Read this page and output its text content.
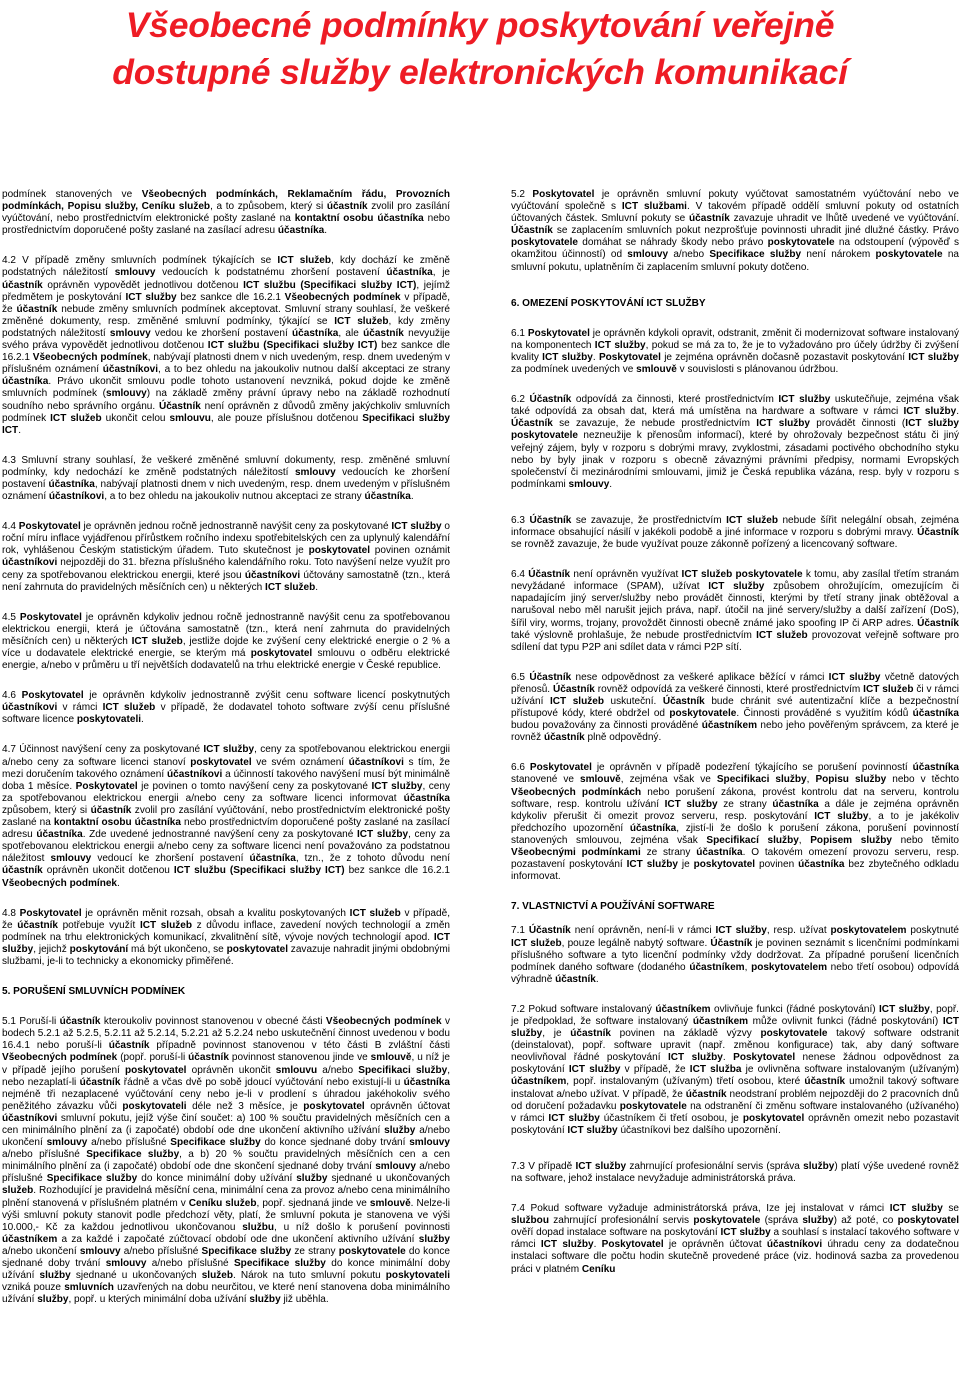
Všeobecné podmínky poskytování veřejně
dostupné služby elektronických komunikací

podmínek stanovených ve Všeobecných podmínkách, Reklamačním řádu, Provozních podmínkách, Popisu služby, Ceníku služeb, a to způsobem, který si účastník zvolil pro zasílání vyúčtování, nebo prostřednictvím elektronické pošty zaslané na kontaktní osobu účastníka nebo prostřednictvím doporučené pošty zaslané na zasílací adresu účastníka.

4.2 V případě změny smluvních podmínek týkajících se ICT služeb, kdy dochází ke změně podstatných náležitostí smlouvy vedoucích k podstatnému zhoršení postavení účastníka, je účastník oprávněn vypovědět jednotlivou dotčenou ICT službu (Specifikaci služby ICT), jejímž předmětem je poskytování ICT služby bez sankce dle 16.2.1 Všeobecných podmínek v případě, že účastník nebude změny smluvních podmínek akceptovat. Smluvní strany souhlasí, že veškeré změněné dokumenty, resp. změněné smluvní podmínky, týkající se ICT služeb, kdy změny podstatných náležitostí smlouvy vedou ke zhoršení postavení účastníka, ale účastník nevyužije svého práva vypovědět jednotlivou dotčenou ICT službu (Specifikaci služby ICT) bez sankce dle 16.2.1 Všeobecných podmínek, nabývají platnosti dnem v nich uvedeným, resp. dnem uvedeným v příslušném oznámení účastníkovi, a to bez ohledu na jakoukoliv nutnou další akceptaci ze strany účastníka. Právo ukončit smlouvu podle tohoto ustanovení nevzniká, pokud dojde ke změně smluvních podmínek (smlouvy) na základě změny právní úpravy nebo na základě rozhodnutí soudního nebo správního orgánu. Účastník není oprávněn z důvodů změny jakýchkoliv smluvních podmínek ICT služeb ukončit celou smlouvu, ale pouze příslušnou dotčenou Specifikaci služby ICT.

4.3 Smluvní strany souhlasí, že veškeré změněné smluvní dokumenty, resp. změněné smluvní podmínky, kdy nedochází ke změně podstatných náležitostí smlouvy vedoucích ke zhoršení postavení účastníka, nabývají platnosti dnem v nich uvedeným, resp. dnem uvedeným v příslušném oznámení účastníkovi, a to bez ohledu na jakoukoliv nutnou akceptaci ze strany účastníka.

4.4 Poskytovatel je oprávněn jednou ročně jednostranně navýšit ceny za poskytované ICT služby o roční míru inflace vyjádřenou přírůstkem ročního indexu spotřebitelských cen za uplynulý kalendářní rok, vyhlášenou Českým statistickým úřadem. Tuto skutečnost je poskytovatel povinen oznámit účastníkovi nejpozději do 31. března příslušného kalendářního roku. Toto navýšení nelze využít pro ceny za spotřebovanou elektrickou energii, které jsou účastníkovi účtovány samostatně (tzn., která není zahrnuta do pravidelných měsíčních cen) u některých ICT služeb.

4.5 Poskytovatel je oprávněn kdykoliv jednou ročně jednostranně navýšit cenu za spotřebovanou elektrickou energii, která je účtována samostatně (tzn., která není zahrnuta do pravidelných měsíčních cen) u některých ICT služeb, jestliže dojde ke zvýšení ceny elektrické energie o 2 % a více u dodavatele elektrické energie, se kterým má poskytovatel smlouvu o odběru elektrické energie, a/nebo v průměru u tří největších dodavatelů na trhu elektrické energie v České republice.

4.6 Poskytovatel je oprávněn kdykoliv jednostranně zvýšit cenu software licencí poskytnutých účastníkovi v rámci ICT služeb v případě, že dodavatel tohoto software zvýší cenu příslušné software licence poskytovateli.

4.7 Účinnost navýšení ceny za poskytované ICT služby, ceny za spotřebovanou elektrickou energii a/nebo ceny za software licenci stanoví poskytovatel ve svém oznámení účastníkovi s tím, že mezi doručením takového oznámení účastníkovi a účinností takového navýšení musí být minimálně doba 1 měsíce. Poskytovatel je povinen o tomto navýšení ceny za poskytované ICT služby, ceny za spotřebovanou elektrickou energii a/nebo ceny za software licenci informovat účastníka způsobem, který si účastník zvolil pro zasílání vyúčtování, nebo prostřednictvím elektronické pošty zaslané na kontaktní osobu účastníka nebo prostřednictvím doporučené pošty zaslané na zasílací adresu účastníka. Zde uvedené jednostranné navýšení ceny za poskytované ICT služby, ceny za spotřebovanou elektrickou energii a/nebo ceny za software licenci není považováno za podstatnou náležitost smlouvy vedoucí ke zhoršení postavení účastníka, tzn., že z tohoto důvodu není účastník oprávněn ukončit dotčenou ICT službu (Specifikaci služby ICT) bez sankce dle 16.2.1 Všeobecných podmínek.

4.8 Poskytovatel je oprávněn měnit rozsah, obsah a kvalitu poskytovaných ICT služeb v případě, že účastník potřebuje využít ICT služeb z důvodu inflace, zavedení nových technologií a změn podmínek na trhu elektronických komunikací, zkvalitnění sítě, vývoje nových technologií apod. ICT služby, jejichž poskytování má být ukončeno, se poskytovatel zavazuje nahradit jinými obdobnými službami, je-li to technicky a ekonomicky přiměřené.

5. PORUŠENÍ SMLUVNÍCH PODMÍNEK

5.1 Poruší-li účastník kteroukoliv povinnost stanovenou v obecné části Všeobecných podmínek v bodech 5.2.1 až 5.2.5, 5.2.11 až 5.2.14, 5.2.21 až 5.2.24 nebo uskutečnění činnost uvedenou v bodu 16.4.1 nebo poruší-li účastník případně povinnost stanovenou v této části B zvláštní části Všeobecných podmínek (popř. poruší-li účastník povinnost stanovenou jinde ve smlouvě, u níž je v případě jejího porušení poskytovatel oprávněn ukončit smlouvu a/nebo Specifikaci služby, nebo nezaplatí-li účastník řádně a včas dvě po sobě jdoucí vyúčtování nebo existují-li u účastníka nejméně tři nezaplacené vyúčtování ceny nebo je-li v prodlení s úhradou jakéhokoliv svého peněžitého závazku vůči poskytovateli déle než 3 měsíce, je poskytovatel oprávněn účtovat účastníkovi smluvní pokutu, jejíž výše činí součet: a) 100 % součtu pravidelných měsíčních cen a cen minimálního plnění za (i započaté) období ode dne ukončení aktivního užívání služby a/nebo ukončení smlouvy a/nebo příslušné Specifikace služby do konce sjednané doby trvání smlouvy a/nebo příslušné Specifikace služby, a b) 20 % součtu pravidelných měsíčních cen a cen minimálního plnění za (i započaté) období ode dne skončení sjednané doby trvání smlouvy a/nebo příslušné Specifikace služby do konce minimální doby užívání služby sjednané u ukončovaných služeb. Rozhodující je pravidelná měsíční cena, minimální cena za provoz a/nebo cena minimálního plnění stanovená v příslušném platném v Ceníku služeb, popř. sjednaná jinde ve smlouvě. Nelze-li výši smluvní pokuty stanovit podle předchozí věty, platí, že smluvní pokuta je stanovena ve výši 10.000,- Kč za každou jednotlivou ukončovanou službu, u níž došlo k porušení povinnosti účastníkem a za každé i započaté zúčtovací období ode dne ukončení aktivního užívání služby a/nebo ukončení smlouvy a/nebo příslušné Specifikace služby ze strany poskytovatele do konce sjednané doby trvání smlouvy a/nebo příslušné Specifikace služby do konce minimální doby užívání služby sjednané u ukončovaných služeb. Nárok na tuto smluvní pokutu poskytovateli vzniká pouze smluvních uzavřených na dobu neurčitou, ve které není stanovena doba minimálního užívání služby, popř. u kterých minimální doba užívání služby již uběhla.

5.2 Poskytovatel je oprávněn smluvní pokuty vyúčtovat samostatném vyúčtování nebo ve vyúčtování společně s ICT službami. V takovém případě oddělí smluvní pokuty od ostatních účtovaných částek. Smluvní pokuty se účastník zavazuje uhradit ve lhůtě uvedené ve vyúčtování. Účastník se zaplacením smluvních pokut nezprošťuje povinnosti uhradit jiné dlužné částky. Právo poskytovatele domáhat se náhrady škody nebo právo poskytovatele na odstoupení (výpověď s okamžitou účinností) od smlouvy a/nebo Specifikace služby není nárokem poskytovatele na smluvní pokutu, uplatněním či zaplacením smluvní pokuty dotčeno.

6. OMEZENÍ POSKYTOVÁNÍ ICT SLUŽBY

6.1 Poskytovatel je oprávněn kdykoli opravit, odstranit, změnit či modernizovat software instalovaný na komponentech ICT služby, pokud se má za to, že je to vyžadováno pro účely údržby či zvýšení kvality ICT služby. Poskytovatel je zejména oprávněn dočasně pozastavit poskytování ICT služby za podmínek uvedených ve smlouvě v souvislosti s plánovanou údržbou.

6.2 Účastník odpovídá za činnosti, které prostřednictvím ICT služby uskutečňuje, zejména však také odpovídá za obsah dat, která má umístěna na hardware a software v rámci ICT služby. Účastník se zavazuje, že nebude prostřednictvím ICT služby provádět činnosti (ICT služby poskytovatele nezneužije k přenosům informací), které by ohrožovaly bezpečnost státu či jiný veřejný zájem, byly v rozporu s dobrými mravy, zvyklostmi, zásadami poctivého obchodního styku nebo by byly jinak v rozporu s obecně závaznými právními předpisy, normami Evropských společenství či mezinárodními smlouvami, jimiž je Česká republika vázána, resp. byly v rozporu s podmínkami smlouvy.

6.3 Účastník se zavazuje, že prostřednictvím ICT služeb nebude šířit nelegální obsah, zejména informace obsahující násilí v jakékoli podobě a jiné informace v rozporu s dobrými mravy. Účastník se rovněž zavazuje, že bude využívat pouze zákonně pořízený a licencovaný software.

6.4 Účastník není oprávněn využívat ICT služeb poskytovatele k tomu, aby zasílal třetím stranám nevyžádané informace (SPAM), užívat ICT služby způsobem ohrožujícím, omezujícím či napadajícím jiný server/služby nebo provádět činnosti, kterými by třetí strany jinak obtěžoval a narušoval nebo měl narušit jejich práva, např. útočil na jiné servery/služby a další zařízení (DoS), šířil viry, worms, trojany, provoždět činnosti obecně známé jako spoofing IP či ARP adres. Účastník také výslovně prohlašuje, že nebude prostřednictvím ICT služeb provozovat veřejně software pro sdílení dat typu P2P ani sdílet data v rámci P2P sítí.

6.5 Účastník nese odpovědnost za veškeré aplikace běžící v rámci ICT služby včetně datových přenosů. Účastník rovněž odpovídá za veškeré činnosti, které prostřednictvím ICT služeb či v rámci užívání ICT služeb uskuteční. Účastník bude chránit své autentizační klíče a bezpečnostní přístupové kódy, které obdržel od poskytovatele. Činnosti prováděné s využitím kódů účastníka budou považovány za činnosti prováděné účastníkem nebo jeho pověřeným správcem, za které je rovněž účastník plně odpovědný.

6.6 Poskytovatel je oprávněn v případě podezření týkajícího se porušení povinností účastníka stanovené ve smlouvě, zejména však ve Specifikaci služby, Popisu služby nebo v těchto Všeobecných podmínkách nebo porušení zákona, provést kontrolu dat na serveru, kontrolu software, resp. kontrolu užívání ICT služby ze strany účastníka a dále je zejména oprávněn kdykoliv přerušit či omezit provoz serveru, resp. poskytování ICT služby, a to je jakékoliv předchozího upozornění účastníka, zjistí-li že došlo k porušení zákona, porušení povinností stanovených smlouvou, zejména však Specifikací služby, Popisem služby nebo těmito Všeobecnými podmínkami ze strany účastníka. O takovém omezení provozu serveru, resp. pozastavení poskytování ICT služby je poskytovatel povinen účastníka bez zbytečného odkladu informovat.

7. VLASTNICTVÍ A POUŽÍVÁNÍ SOFTWARE

7.1 Účastník není oprávněn, není-li v rámci ICT služby, resp. užívat poskytovatelem poskytnuté ICT služeb, pouze legálně nabytý software. Účastník je povinen seznámit s licenčními podmínkami příslušného software a tyto licenční podmínky vždy dodržovat. Za případné porušení licenčních podmínek daného software (dodaného účastníkem, poskytovatelem nebo třetí osobou) odpovídá výhradně účastník.

7.2 Pokud software instalovaný účastníkem ovlivňuje funkci (řádné poskytování) ICT služby, popř. je předpoklad, že software instalovaný účastníkem může ovlivnit funkci (řádné poskytování) ICT služby, je účastník povinen na základě výzvy poskytovatele takový software odstranit (deinstalovat), popř. software upravit (např. změnou konfigurace) tak, aby daný software neovlivňoval řádné poskytování ICT služby. Poskytovatel nenese žádnou odpovědnost za poskytování ICT služby v případě, že ICT služba je ovlivněna software instalovaným (užívaným) účastníkem, popř. instalovaným (užívaným) třetí osobou, které účastník umožnil takový software instalovat a/nebo užívat. V případě, že účastník neodstraní problém nejpozději do 2 pracovních dnů od doručení požadavku poskytovatele na odstranění či změnu software instalovaného (užívaného) v rámci ICT služby účastníkem či třetí osobou, je poskytovatel oprávněn omezit nebo pozastavit poskytování ICT služby účastníkovi bez dalšího upozornění.

7.3 V případě ICT služby zahrnující profesionální servis (správa služby) platí výše uvedené rovněž na software, jehož instalace nevyžaduje administrátorská práva.

7.4 Pokud software vyžaduje administrátorská práva, Ize jej instalovat v rámci ICT služby se službou zahrnující profesionální servis poskytovatele (správa služby) až poté, co poskytovatel ověří dopad instalace software na poskytování ICT služby a souhlasí s instalací takového software v rámci ICT služby. Poskytovatel je oprávněn účtovat účastníkovi úhradu ceny za dodatečnou instalaci software dle počtu hodin skutečně provedené práce (viz. hodinová sazba za provedenou práci v platném Ceníku
